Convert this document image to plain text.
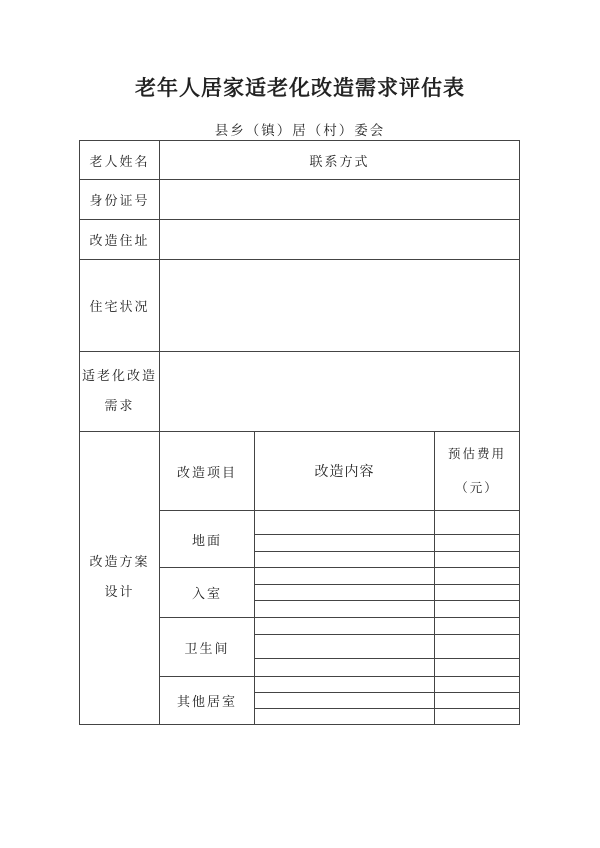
老年人居家适老化改造需求评估表
县乡（镇）居（村）委会
老人姓名	联系方式
身份证号
改造住址
住宅状况
适老化改造
需求
改造方案
设计
改造项目	改造内容
预估费用
（元）
地面
入室
卫生间
其他居室
